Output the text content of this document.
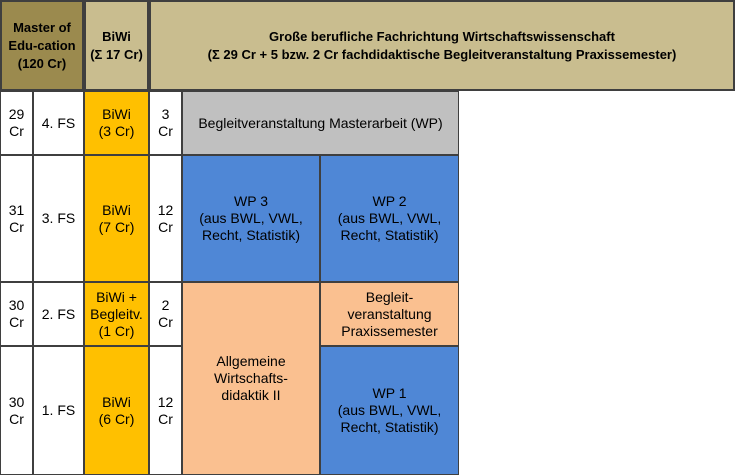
Master of
Edu-cation
(120 Cr)
BiWi
(Σ 17 Cr)
Große berufliche Fachrichtung Wirtschaftswissenschaft
(Σ 29 Cr + 5 bzw. 2 Cr fachdidaktische Begleitveranstaltung Praxissemester)
29
Cr
4. FS
BiWi
(3 Cr)
3
Cr
Begleitveranstaltung Masterarbeit (WP)
31
Cr
3. FS
BiWi
(7 Cr)
12
Cr
WP 3
(aus BWL, VWL,
Recht, Statistik)
WP 2
(aus BWL, VWL,
Recht, Statistik)
30
Cr
2. FS
BiWi +
Begleitv.
(1 Cr)
2
Cr
Allgemeine
Wirtschafts-
didaktik II
Begleit-
veranstaltung
Praxissemester
30
Cr
1. FS
BiWi
(6 Cr)
12
Cr
WP 1
(aus BWL, VWL,
Recht, Statistik)
